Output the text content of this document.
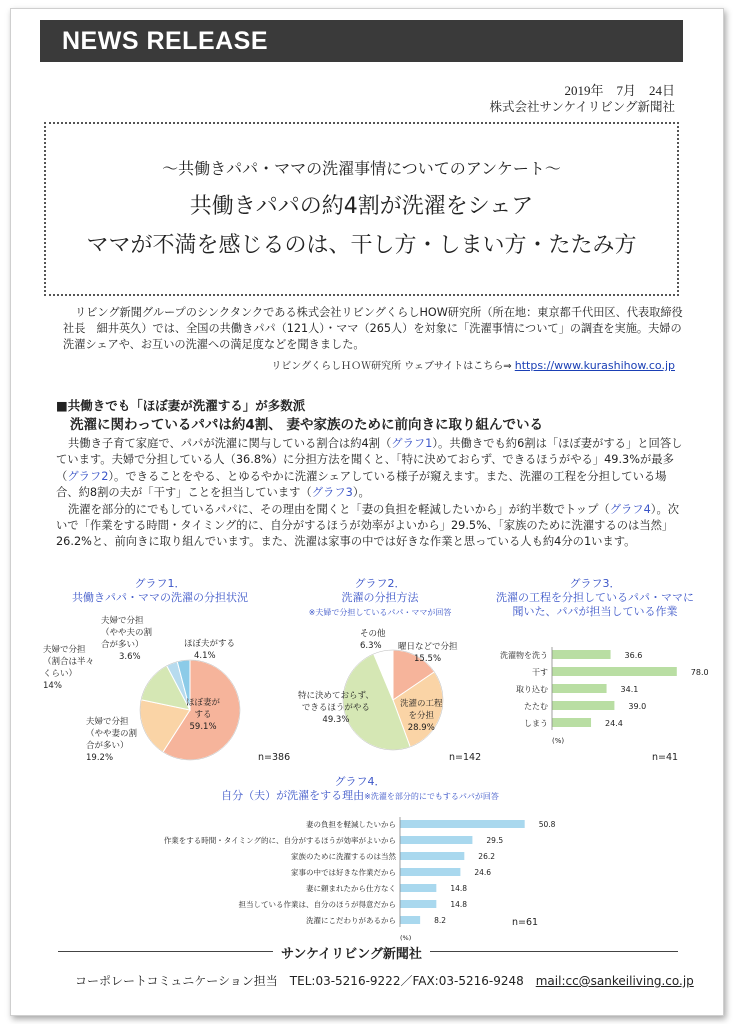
NEWS RELEASE
2019年　7月　24日
株式会社サンケイリビング新聞社
～共働きパパ・ママの洗濯事情についてのアンケート～
共働きパパの約4割が洗濯をシェア
ママが不満を感じるのは、干し方・しまい方・たたみ方
リビング新聞グループのシンクタンクである株式会社リビングくらしHOW研究所（所在地：東京都千代田区、代表取締役社長　細井英久）では、全国の共働きパパ（121人）・ママ（265人）を対象に「洗濯事情について」の調査を実施。夫婦の洗濯シェアや、お互いの洗濯への満足度などを聞きました。
リビングくらしＨＯＷ研究所 ウェブサイトはこちら⇒ https://www.kurashihow.co.jp
■共働きでも「ほぼ妻が洗濯する」が多数派
洗濯に関わっているパパは約4割、 妻や家族のために前向きに取り組んでいる

共働き子育て家庭で、パパが洗濯に関与している割合は約4割（グラフ1）。共働きでも約6割は「ほぼ妻がする」と回答しています。夫婦で分担している人（36.8%）に分担方法を聞くと、「特に決めておらず、できるほうがやる」49.3%が最多（グラフ2）。できることをやる、とゆるやかに洗濯シェアしている様子が窺えます。また、洗濯の工程を分担している場合、約8割の夫が「干す」ことを担当しています（グラフ3）。

洗濯を部分的にでもしているパパに、その理由を聞くと「妻の負担を軽減したいから」が約半数でトップ（グラフ4）。次いで「作業をする時間・タイミング的に、自分がするほうが効率がよいから」29.5%、「家族のために洗濯するのは当然」26.2%と、前向きに取り組んでいます。また、洗濯は家事の中では好きな作業と思っている人も約4分の1います。

グラフ1．
共働きパパ・ママの洗濯の分担状況
夫婦で分担
（やや夫の割
合が多い）
3.6%
ほぼ夫がする
4.1%
夫婦で分担
（割合は半々
くらい）
14%
夫婦で分担
（やや妻の割
合が多い）
19.2%
ほぼ妻が
する
59.1%
n=386
グラフ2．
洗濯の分担方法
※夫婦で分担しているパパ・ママが回答
その他
6.3%	曜日などで分担
15.5%
特に決めておらず、
できるほうがやる
49.3%
洗濯の工程
を分担
28.9%
n=142
グラフ3．
洗濯の工程を分担しているパパ・ママに
聞いた、パパが担当している作業
洗濯物を洗う	36.6
干す	78.0
取り込む	34.1
たたむ	39.0
しまう	24.4
(%)
n=41
グラフ4．
自分（夫）が洗濯をする理由※洗濯を部分的にでもするパパが回答
妻の負担を軽減したいから	50.8
作業をする時間・タイミング的に、自分がするほうが効率がよいから	29.5
家族のために洗濯するのは当然	26.2
家事の中では好きな作業だから	24.6
妻に頼まれたから仕方なく	14.8
担当している作業は、自分のほうが得意だから	14.8
洗濯にこだわりがあるから	8.2
(%)
n=61
サンケイリビング新聞社
コーポレートコミュニケーション担当　TEL:03-5216-9222／FAX:03-5216-9248　mail:cc@sankeiliving.co.jp
